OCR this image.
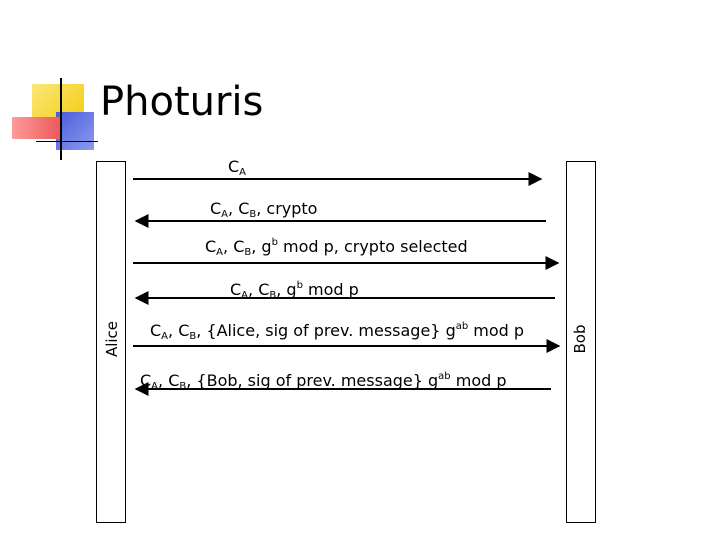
Photuris
Alice	Bob
$C_A$
$C_A$, $C_B$, crypto
$C_A$, $C_B$, $g^b$ mod p, crypto selected
$C_A$, $C_B$, $g^b$ mod p
$C_A$, $C_B$, {Alice, sig of prev. message} $g^{ab}$ mod p
$C_A$, $C_B$, {Bob, sig of prev. message} $g^{ab}$ mod p
